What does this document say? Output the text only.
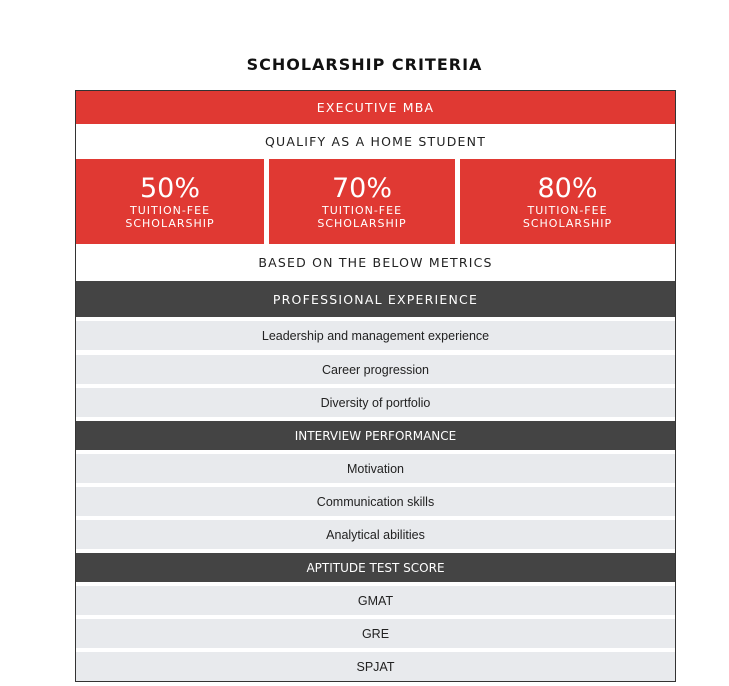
SCHOLARSHIP CRITERIA
EXECUTIVE MBA
QUALIFY AS A HOME STUDENT
50%
TUITION-FEE
SCHOLARSHIP
70%
TUITION-FEE
SCHOLARSHIP
80%
TUITION-FEE
SCHOLARSHIP
BASED ON THE BELOW METRICS
PROFESSIONAL EXPERIENCE
Leadership and management experience
Career progression
Diversity of portfolio
INTERVIEW PERFORMANCE
Motivation
Communication skills
Analytical abilities
APTITUDE TEST SCORE
GMAT
GRE
SPJAT
